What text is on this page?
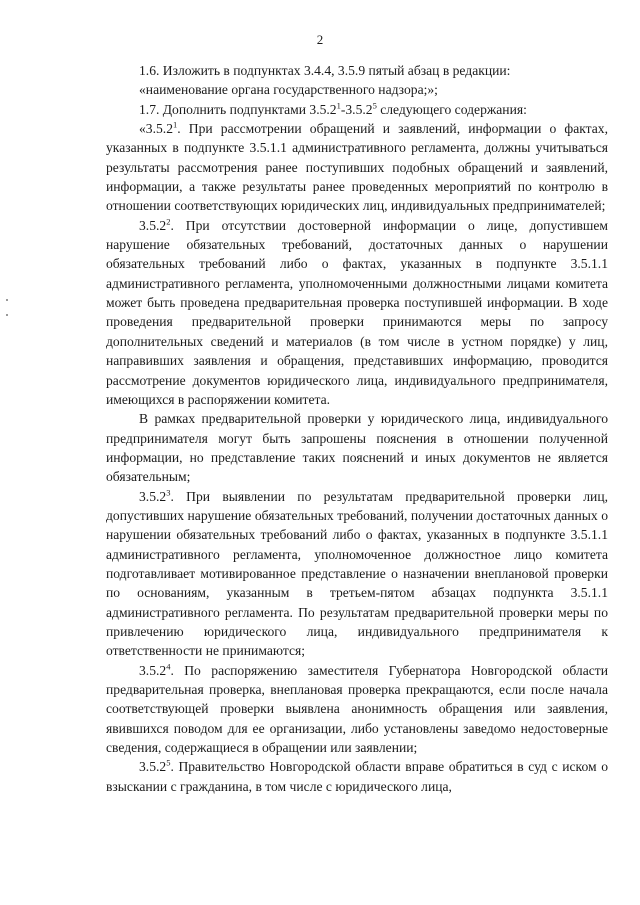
2

1.6. Изложить в подпунктах 3.4.4, 3.5.9 пятый абзац в редакции:

«наименование органа государственного надзора;»;

1.7. Дополнить подпунктами 3.5.2$^1$-3.5.2$^5$ следующего содержания:

«3.5.2$^1$. При рассмотрении обращений и заявлений, информации о фактах, указанных в подпункте 3.5.1.1 административного регламента, должны учитываться результаты рассмотрения ранее поступивших подобных обращений и заявлений, информации, а также результаты ранее проведенных мероприятий по контролю в отношении соответствующих юридических лиц, индивидуальных предпринимателей;

3.5.2$^2$. При отсутствии достоверной информации о лице, допустившем нарушение обязательных требований, достаточных данных о нарушении обязательных требований либо о фактах, указанных в подпункте 3.5.1.1 административного регламента, уполномоченными должностными лицами комитета может быть проведена предварительная проверка поступившей информации. В ходе проведения предварительной проверки принимаются меры по запросу дополнительных сведений и материалов (в том числе в устном порядке) у лиц, направивших заявления и обращения, представивших информацию, проводится рассмотрение документов юридического лица, индивидуального предпринимателя, имеющихся в распоряжении комитета.

В рамках предварительной проверки у юридического лица, индивидуального предпринимателя могут быть запрошены пояснения в отношении полученной информации, но представление таких пояснений и иных документов не является обязательным;

3.5.2$^3$. При выявлении по результатам предварительной проверки лиц, допустивших нарушение обязательных требований, получении достаточных данных о нарушении обязательных требований либо о фактах, указанных в подпункте 3.5.1.1 административного регламента, уполномоченное должностное лицо комитета подготавливает мотивированное представление о назначении внеплановой проверки по основаниям, указанным в третьем-пятом абзацах подпункта 3.5.1.1 административного регламента. По результатам предварительной проверки меры по привлечению юридического лица, индивидуального предпринимателя к ответственности не принимаются;

3.5.2$^4$. По распоряжению заместителя Губернатора Новгородской области предварительная проверка, внеплановая проверка прекращаются, если после начала соответствующей проверки выявлена анонимность обращения или заявления, явившихся поводом для ее организации, либо установлены заведомо недостоверные сведения, содержащиеся в обращении или заявлении;

3.5.2$^5$. Правительство Новгородской области вправе обратиться в суд с иском о взыскании с гражданина, в том числе с юридического лица,
